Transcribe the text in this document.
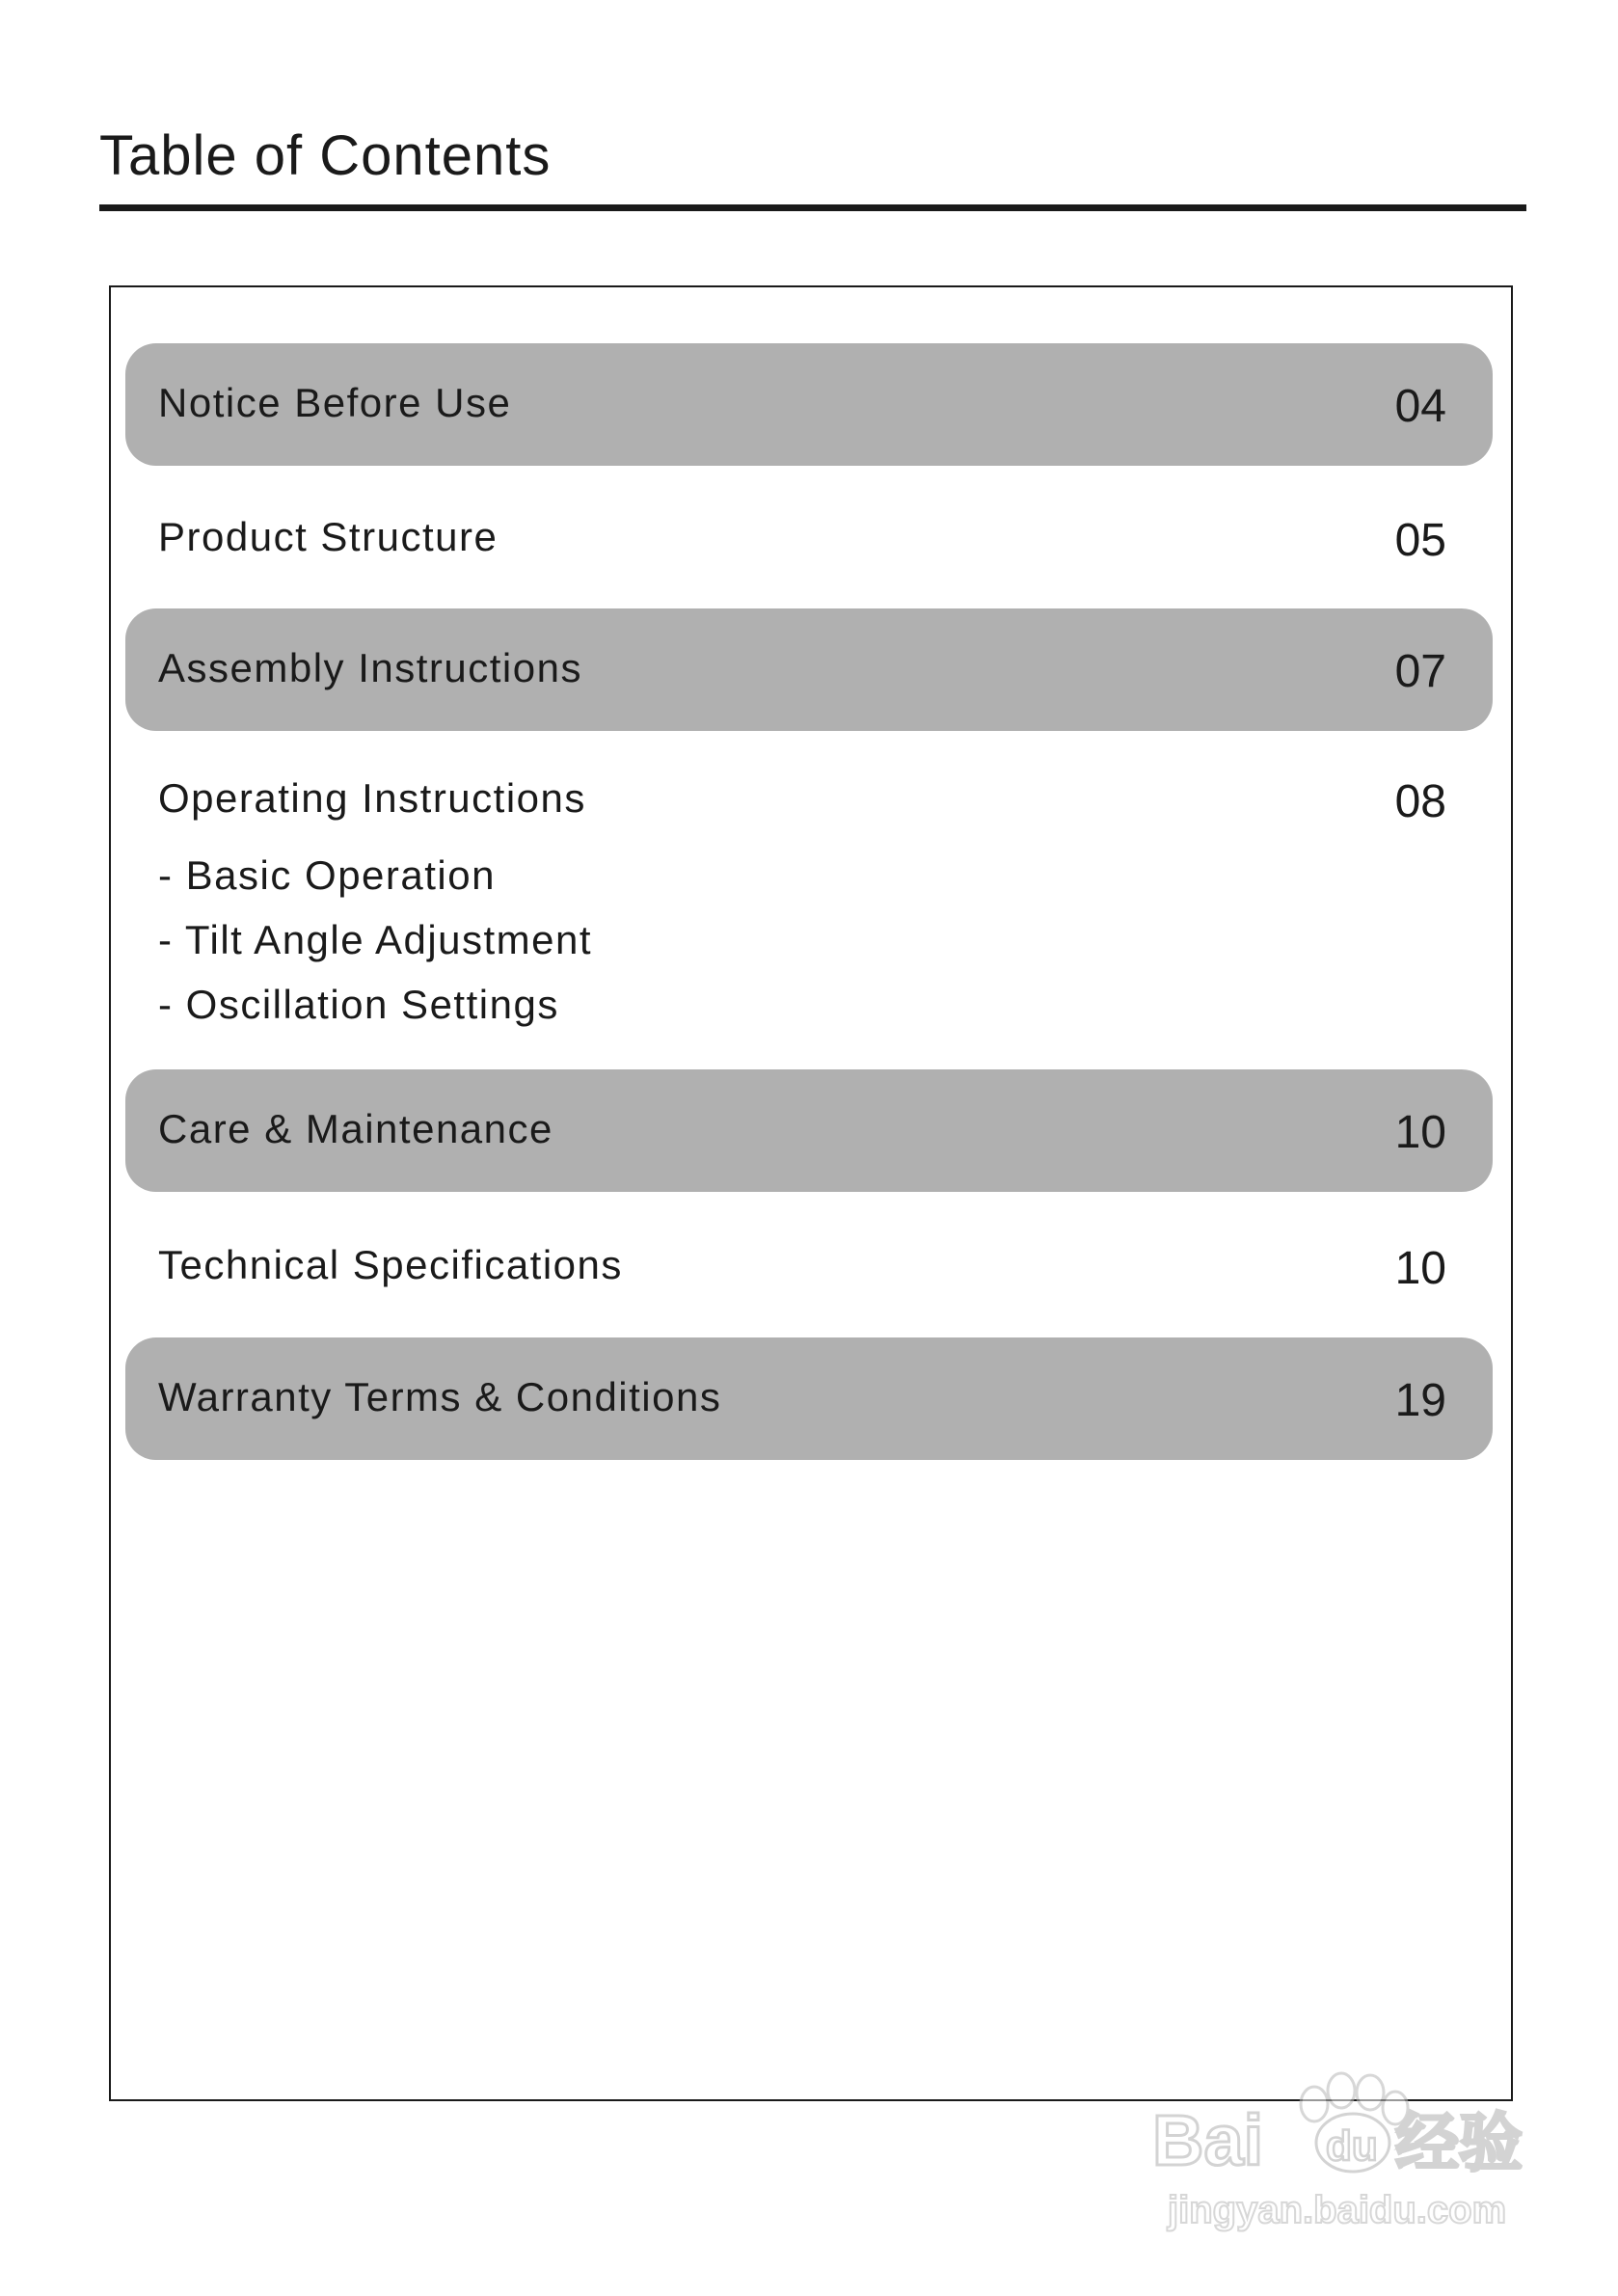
Table of Contents
Notice Before Use	04
Product Structure	05
Assembly Instructions	07
Operating Instructions	08
- Basic Operation
- Tilt Angle Adjustment
- Oscillation Settings
Care & Maintenance	10
Technical Specifications	10
Warranty Terms & Conditions	19
Bai du 经验
jingyan.baidu.com
